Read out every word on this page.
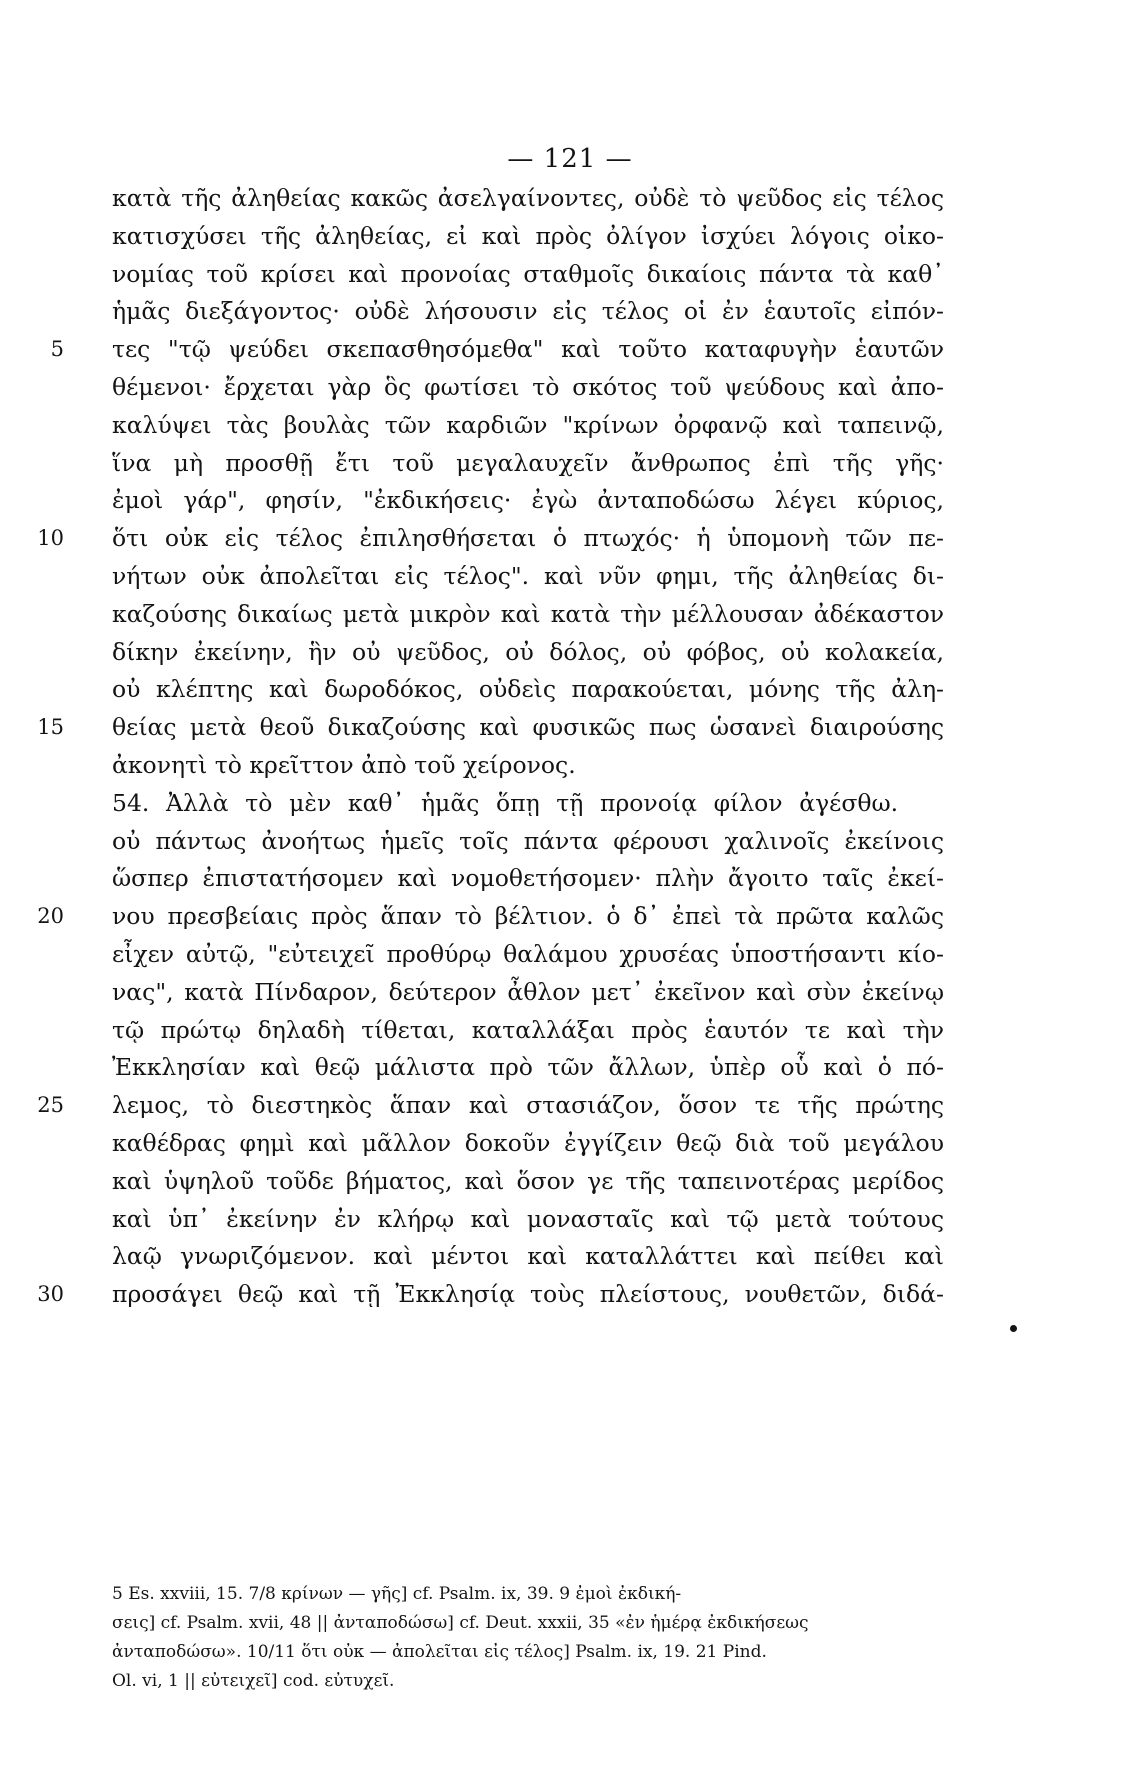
— 121 —
κατὰ τῆς ἀληθείας κακῶς ἀσελγαίνοντες, οὐδὲ τὸ ψεῦδος εἰς τέλος
κατισχύσει τῆς ἀληθείας, εἰ καὶ πρὸς ὀλίγον ἰσχύει λόγοις οἰκο-
νομίας τοῦ κρίσει καὶ προνοίας σταθμοῖς δικαίοις πάντα τὰ καθ᾽
ἡμᾶς διεξάγοντος· οὐδὲ λήσουσιν εἰς τέλος οἱ ἐν ἑαυτοῖς εἰπόν-
5 τες "τῷ ψεύδει σκεπασθησόμεθα" καὶ τοῦτο καταφυγὴν ἑαυτῶν
θέμενοι· ἔρχεται γὰρ ὃς φωτίσει τὸ σκότος τοῦ ψεύδους καὶ ἀπο-
καλύψει τὰς βουλὰς τῶν καρδιῶν "κρίνων ὀρφανῷ καὶ ταπεινῷ,
ἵνα μὴ προσθῇ ἔτι τοῦ μεγαλαυχεῖν ἄνθρωπος ἐπὶ τῆς γῆς·
ἐμοὶ γάρ", φησίν, "ἐκδικήσεις· ἐγὼ ἀνταποδώσω λέγει κύριος,
10 ὅτι οὐκ εἰς τέλος ἐπιλησθήσεται ὁ πτωχός· ἡ ὑπομονὴ τῶν πε-
νήτων οὐκ ἀπολεῖται εἰς τέλος". καὶ νῦν φημι, τῆς ἀληθείας δι-
καζούσης δικαίως μετὰ μικρὸν καὶ κατὰ τὴν μέλλουσαν ἀδέκαστον
δίκην ἐκείνην, ἣν οὐ ψεῦδος, οὐ δόλος, οὐ φόβος, οὐ κολακεία,
οὐ κλέπτης καὶ δωροδόκος, οὐδεὶς παρακούεται, μόνης τῆς ἀλη-
15 θείας μετὰ θεοῦ δικαζούσης καὶ φυσικῶς πως ὡσανεὶ διαιρούσης
ἀκονητὶ τὸ κρεῖττον ἀπὸ τοῦ χείρονος.
54. Ἀλλὰ τὸ μὲν καθ᾽ ἡμᾶς ὅπῃ τῇ προνοίᾳ φίλον ἀγέσθω.
οὐ πάντως ἀνοήτως ἡμεῖς τοῖς πάντα φέρουσι χαλινοῖς ἐκείνοις
ὥσπερ ἐπιστατήσομεν καὶ νομοθετήσομεν· πλὴν ἄγοιτο ταῖς ἐκεί-
20 νου πρεσβείαις πρὸς ἅπαν τὸ βέλτιον. ὁ δ᾽ ἐπεὶ τὰ πρῶτα καλῶς
εἶχεν αὐτῷ, "εὐτειχεῖ προθύρῳ θαλάμου χρυσέας ὑποστήσαντι κίο-
νας", κατὰ Πίνδαρον, δεύτερον ἆθλον μετ᾽ ἐκεῖνον καὶ σὺν ἐκείνῳ
τῷ πρώτῳ δηλαδὴ τίθεται, καταλλάξαι πρὸς ἑαυτόν τε καὶ τὴν
Ἐκκλησίαν καὶ θεῷ μάλιστα πρὸ τῶν ἄλλων, ὑπὲρ οὗ καὶ ὁ πό-
25 λεμος, τὸ διεστηκὸς ἅπαν καὶ στασιάζον, ὅσον τε τῆς πρώτης
καθέδρας φημὶ καὶ μᾶλλον δοκοῦν ἐγγίζειν θεῷ διὰ τοῦ μεγάλου
καὶ ὑψηλοῦ τοῦδε βήματος, καὶ ὅσον γε τῆς ταπεινοτέρας μερίδος
καὶ ὑπ᾽ ἐκείνην ἐν κλήρῳ καὶ μονασταῖς καὶ τῷ μετὰ τούτους
λαῷ γνωριζόμενον. καὶ μέντοι καὶ καταλλάττει καὶ πείθει καὶ
30 προσάγει θεῷ καὶ τῇ Ἐκκλησίᾳ τοὺς πλείστους, νουθετῶν, διδά-
5 Es. xxviii, 15. 7/8 κρίνων — γῆς] cf. Psalm. ix, 39. 9 ἐμοὶ ἐκδική-
σεις] cf. Psalm. xvii, 48 || ἀνταποδώσω] cf. Deut. xxxii, 35 «ἐν ἡμέρᾳ ἐκδικήσεως
ἀνταποδώσω». 10/11 ὅτι οὐκ — ἀπολεῖται εἰς τέλος] Psalm. ix, 19. 21 Pind.
Ol. vi, 1 || εὐτειχεῖ] cod. εὐτυχεῖ.
